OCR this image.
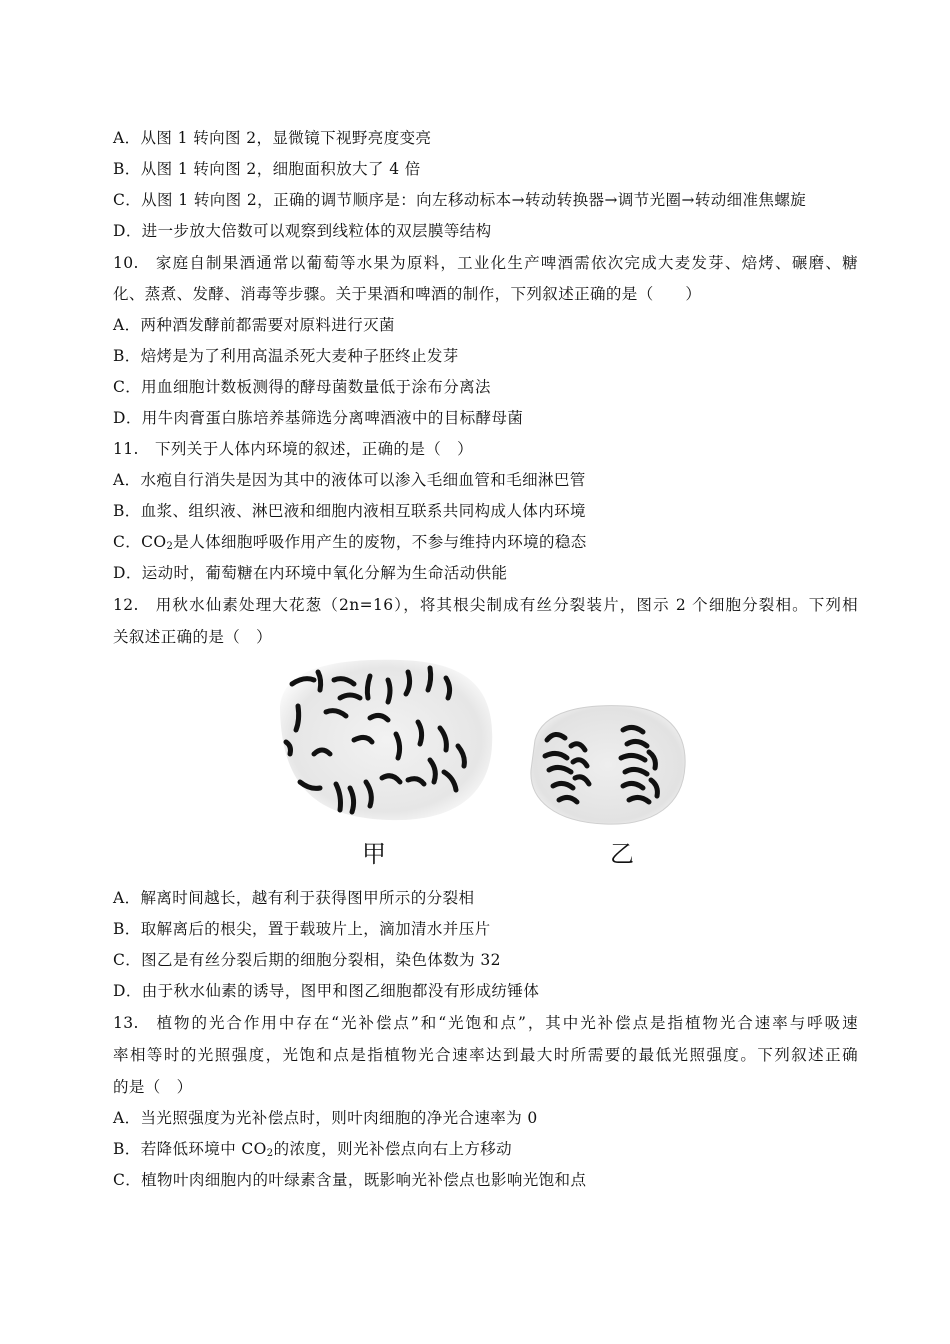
A．从图 1 转向图 2，显微镜下视野亮度变亮
B．从图 1 转向图 2，细胞面积放大了 4 倍
C．从图 1 转向图 2，正确的调节顺序是：向左移动标本→转动转换器→调节光圈→转动细准焦螺旋
D．进一步放大倍数可以观察到线粒体的双层膜等结构
10. 家庭自制果酒通常以葡萄等水果为原料，工业化生产啤酒需依次完成大麦发芽、焙烤、碾磨、糖
化、蒸煮、发酵、消毒等步骤。关于果酒和啤酒的制作，下列叙述正确的是（　　）
A．两种酒发酵前都需要对原料进行灭菌
B．焙烤是为了利用高温杀死大麦种子胚终止发芽
C．用血细胞计数板测得的酵母菌数量低于涂布分离法
D．用牛肉膏蛋白胨培养基筛选分离啤酒液中的目标酵母菌
11. 下列关于人体内环境的叙述，正确的是（　）
A．水疱自行消失是因为其中的液体可以渗入毛细血管和毛细淋巴管
B．血浆、组织液、淋巴液和细胞内液相互联系共同构成人体内环境
C．$CO_2$是人体细胞呼吸作用产生的废物，不参与维持内环境的稳态
D．运动时，葡萄糖在内环境中氧化分解为生命活动供能
12. 用秋水仙素处理大花葱（2n=16），将其根尖制成有丝分裂装片，图示 2 个细胞分裂相。下列相
关叙述正确的是（　）
甲	乙
A．解离时间越长，越有利于获得图甲所示的分裂相
B．取解离后的根尖，置于载玻片上，滴加清水并压片
C．图乙是有丝分裂后期的细胞分裂相，染色体数为 32
D．由于秋水仙素的诱导，图甲和图乙细胞都没有形成纺锤体
13. 植物的光合作用中存在“光补偿点”和“光饱和点”，其中光补偿点是指植物光合速率与呼吸速
率相等时的光照强度，光饱和点是指植物光合速率达到最大时所需要的最低光照强度。下列叙述正确
的是（　）
A．当光照强度为光补偿点时，则叶肉细胞的净光合速率为 0
B．若降低环境中 $CO_2$的浓度，则光补偿点向右上方移动
C．植物叶肉细胞内的叶绿素含量，既影响光补偿点也影响光饱和点
